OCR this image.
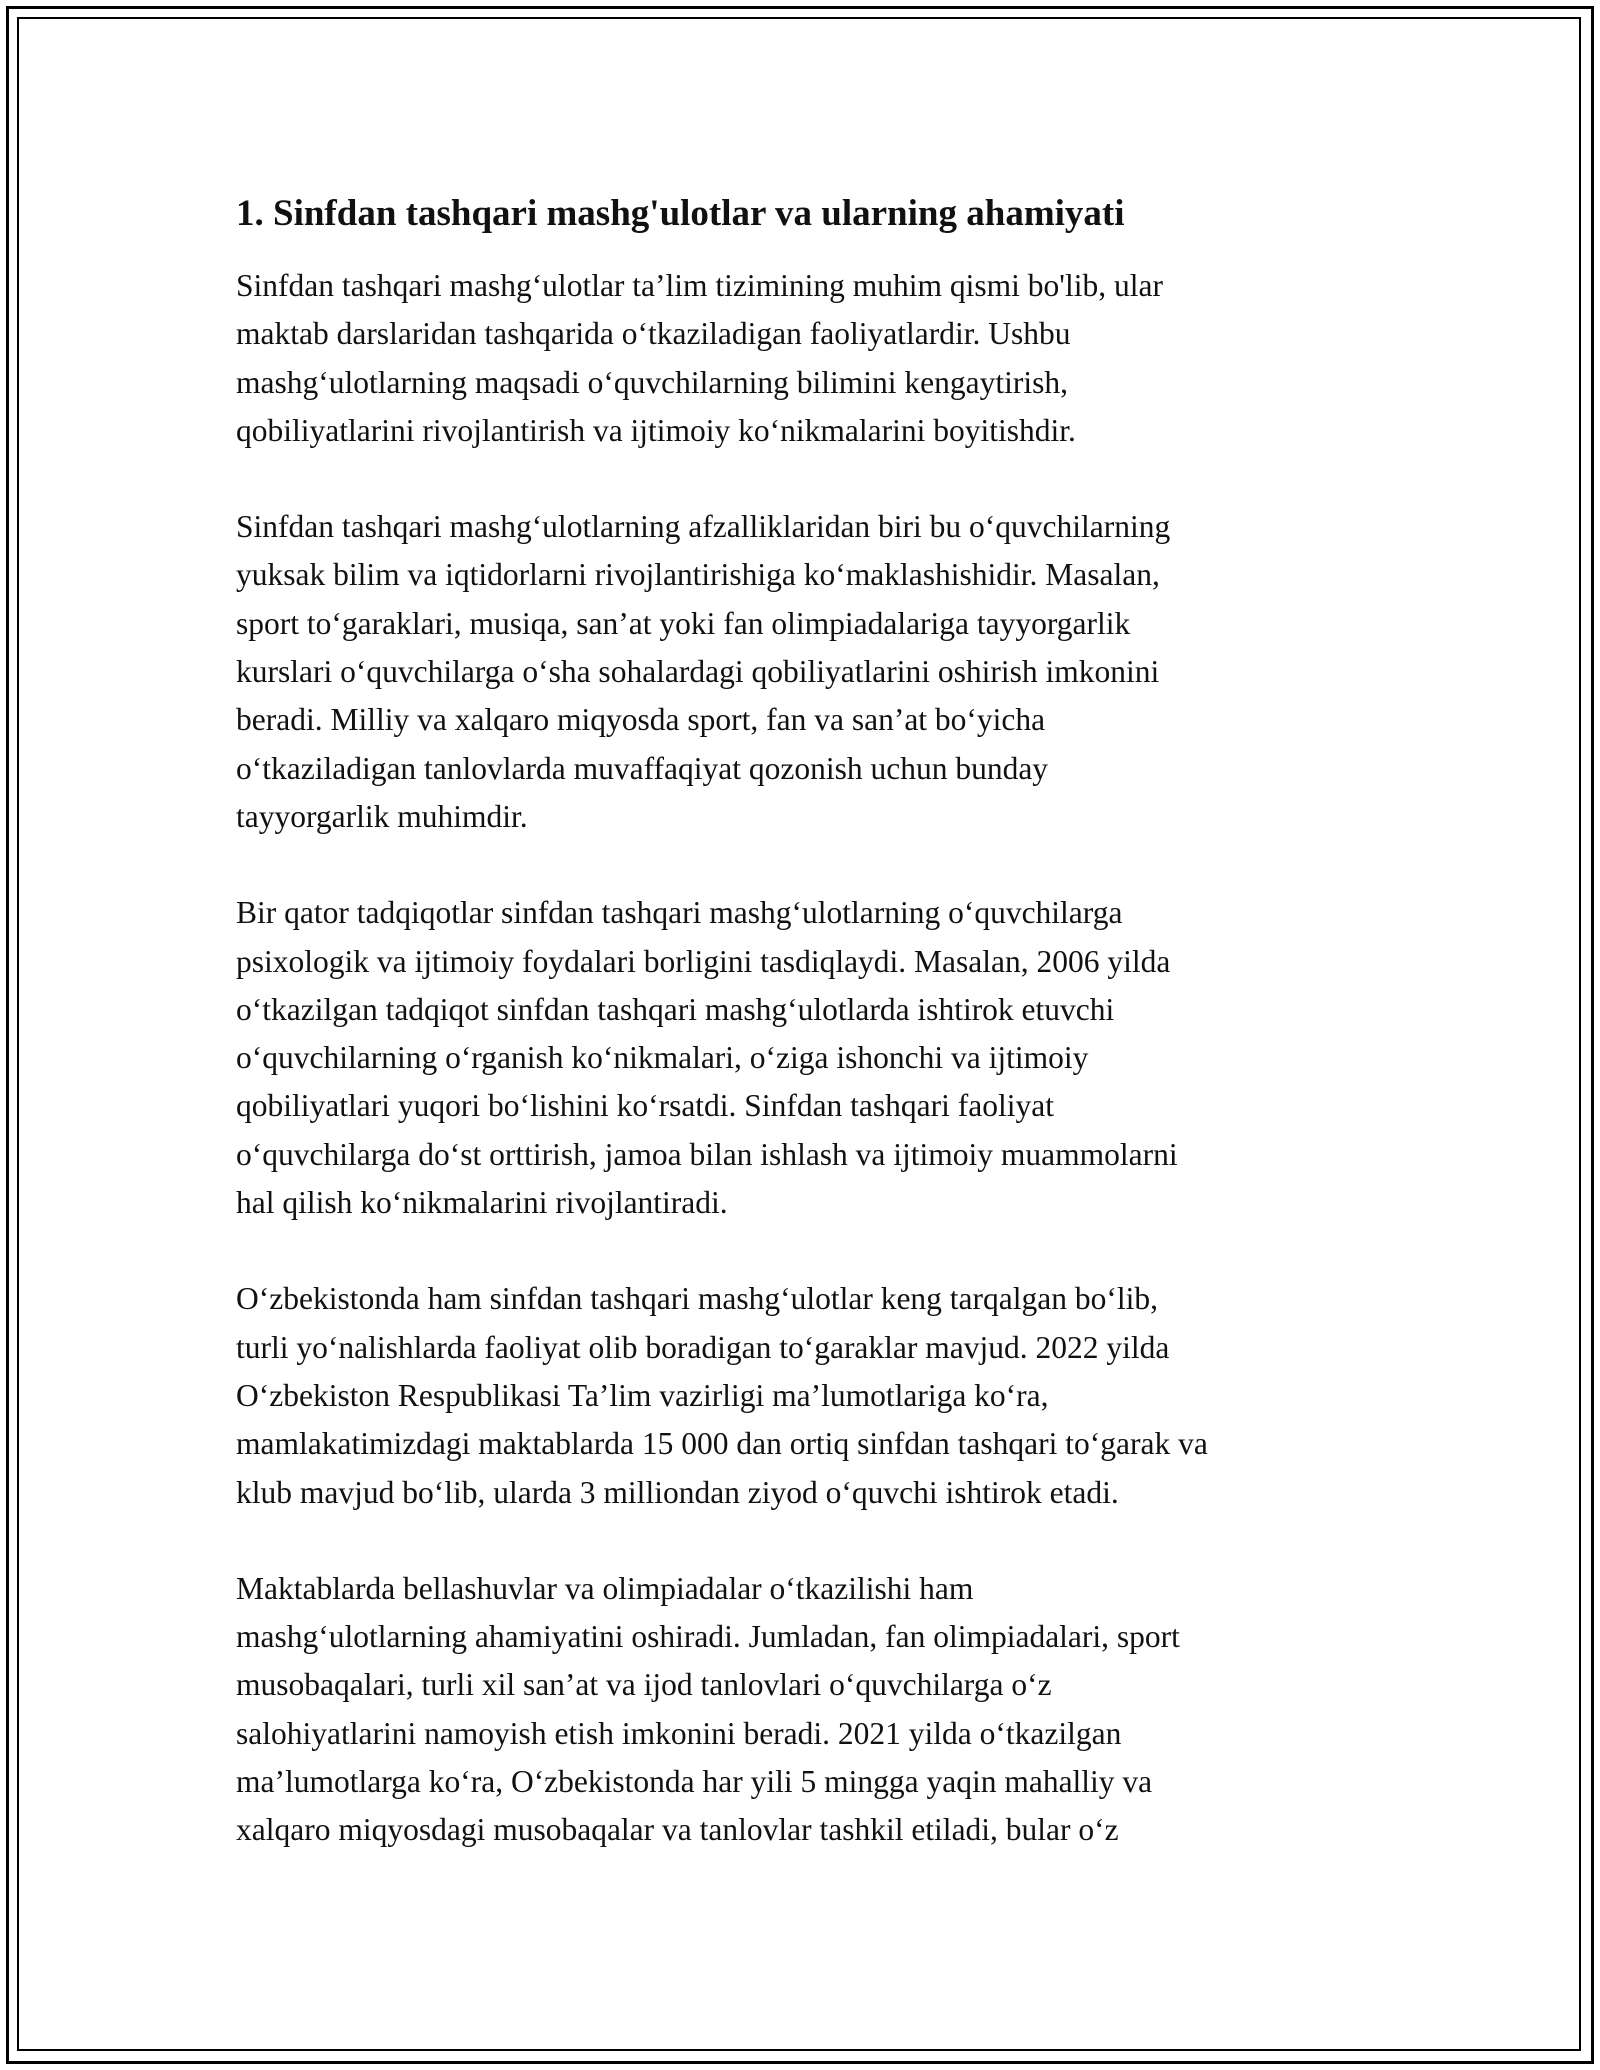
1. Sinfdan tashqari mashg'ulotlar va ularning ahamiyati

Sinfdan tashqari mashg‘ulotlar ta’lim tizimining muhim qismi bo'lib, ular
maktab darslaridan tashqarida o‘tkaziladigan faoliyatlardir. Ushbu
mashg‘ulotlarning maqsadi o‘quvchilarning bilimini kengaytirish,
qobiliyatlarini rivojlantirish va ijtimoiy ko‘nikmalarini boyitishdir.

Sinfdan tashqari mashg‘ulotlarning afzalliklaridan biri bu o‘quvchilarning
yuksak bilim va iqtidorlarni rivojlantirishiga ko‘maklashishidir. Masalan,
sport to‘garaklari, musiqa, san’at yoki fan olimpiadalariga tayyorgarlik
kurslari o‘quvchilarga o‘sha sohalardagi qobiliyatlarini oshirish imkonini
beradi. Milliy va xalqaro miqyosda sport, fan va san’at bo‘yicha
o‘tkaziladigan tanlovlarda muvaffaqiyat qozonish uchun bunday
tayyorgarlik muhimdir.

Bir qator tadqiqotlar sinfdan tashqari mashg‘ulotlarning o‘quvchilarga
psixologik va ijtimoiy foydalari borligini tasdiqlaydi. Masalan, 2006 yilda
o‘tkazilgan tadqiqot sinfdan tashqari mashg‘ulotlarda ishtirok etuvchi
o‘quvchilarning o‘rganish ko‘nikmalari, o‘ziga ishonchi va ijtimoiy
qobiliyatlari yuqori bo‘lishini ko‘rsatdi. Sinfdan tashqari faoliyat
o‘quvchilarga do‘st orttirish, jamoa bilan ishlash va ijtimoiy muammolarni
hal qilish ko‘nikmalarini rivojlantiradi.

O‘zbekistonda ham sinfdan tashqari mashg‘ulotlar keng tarqalgan bo‘lib,
turli yo‘nalishlarda faoliyat olib boradigan to‘garaklar mavjud. 2022 yilda
O‘zbekiston Respublikasi Ta’lim vazirligi ma’lumotlariga ko‘ra,
mamlakatimizdagi maktablarda 15 000 dan ortiq sinfdan tashqari to‘garak va
klub mavjud bo‘lib, ularda 3 milliondan ziyod o‘quvchi ishtirok etadi.

Maktablarda bellashuvlar va olimpiadalar o‘tkazilishi ham
mashg‘ulotlarning ahamiyatini oshiradi. Jumladan, fan olimpiadalari, sport
musobaqalari, turli xil san’at va ijod tanlovlari o‘quvchilarga o‘z
salohiyatlarini namoyish etish imkonini beradi. 2021 yilda o‘tkazilgan
ma’lumotlarga ko‘ra, O‘zbekistonda har yili 5 mingga yaqin mahalliy va
xalqaro miqyosdagi musobaqalar va tanlovlar tashkil etiladi, bular o‘z
